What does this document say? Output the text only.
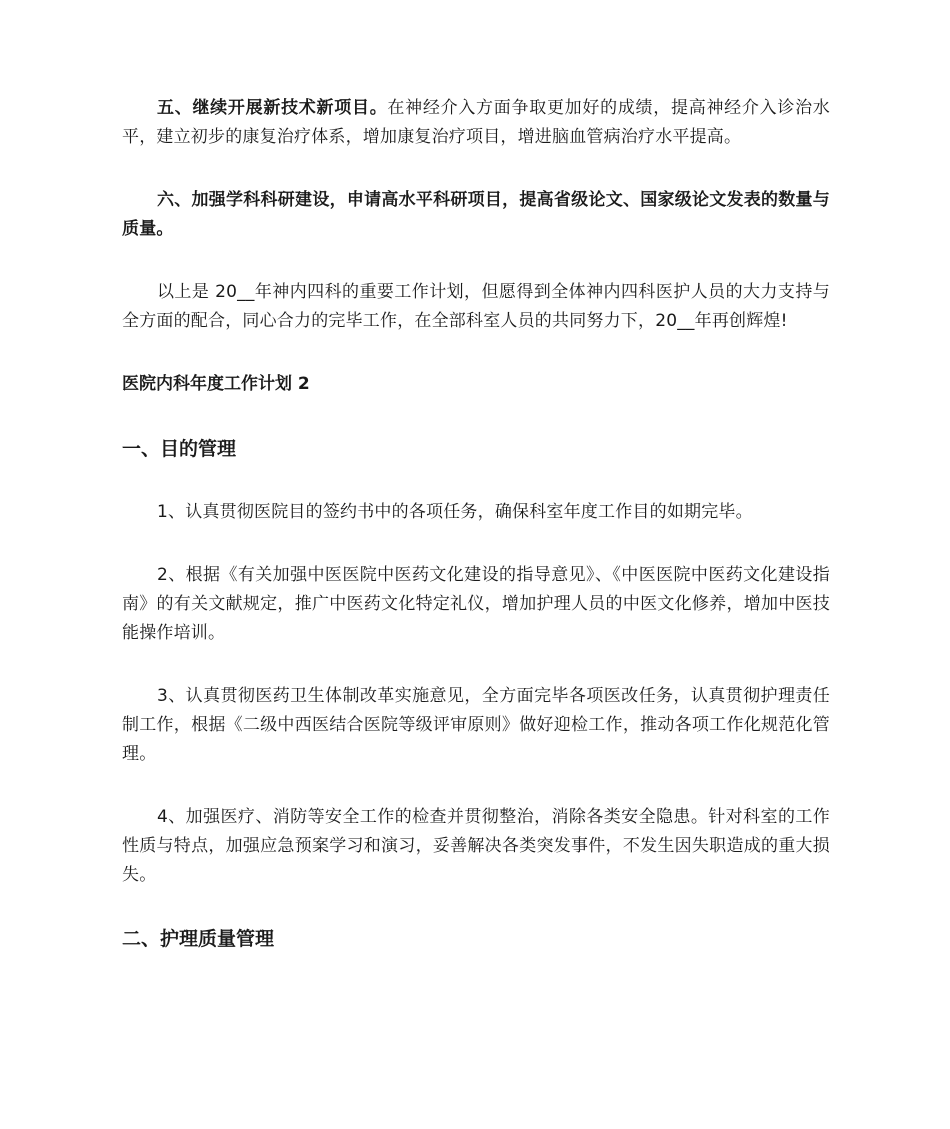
五、继续开展新技术新项目。在神经介入方面争取更加好的成绩，提高神经介入诊治水平，建立初步的康复治疗体系，增加康复治疗项目，增进脑血管病治疗水平提高。

六、加强学科科研建设，申请高水平科研项目，提高省级论文、国家级论文发表的数量与质量。

以上是 20__年神内四科的重要工作计划，但愿得到全体神内四科医护人员的大力支持与全方面的配合，同心合力的完毕工作，在全部科室人员的共同努力下，20__年再创辉煌!

医院内科年度工作计划 2
一、目的管理

1、认真贯彻医院目的签约书中的各项任务，确保科室年度工作目的如期完毕。

2、根据《有关加强中医医院中医药文化建设的指导意见》、《中医医院中医药文化建设指南》的有关文献规定，推广中医药文化特定礼仪，增加护理人员的中医文化修养，增加中医技能操作培训。

3、认真贯彻医药卫生体制改革实施意见，全方面完毕各项医改任务，认真贯彻护理责任制工作，根据《二级中西医结合医院等级评审原则》做好迎检工作，推动各项工作化规范化管理。

4、加强医疗、消防等安全工作的检查并贯彻整治，消除各类安全隐患。针对科室的工作性质与特点，加强应急预案学习和演习，妥善解决各类突发事件，不发生因失职造成的重大损失。

二、护理质量管理
